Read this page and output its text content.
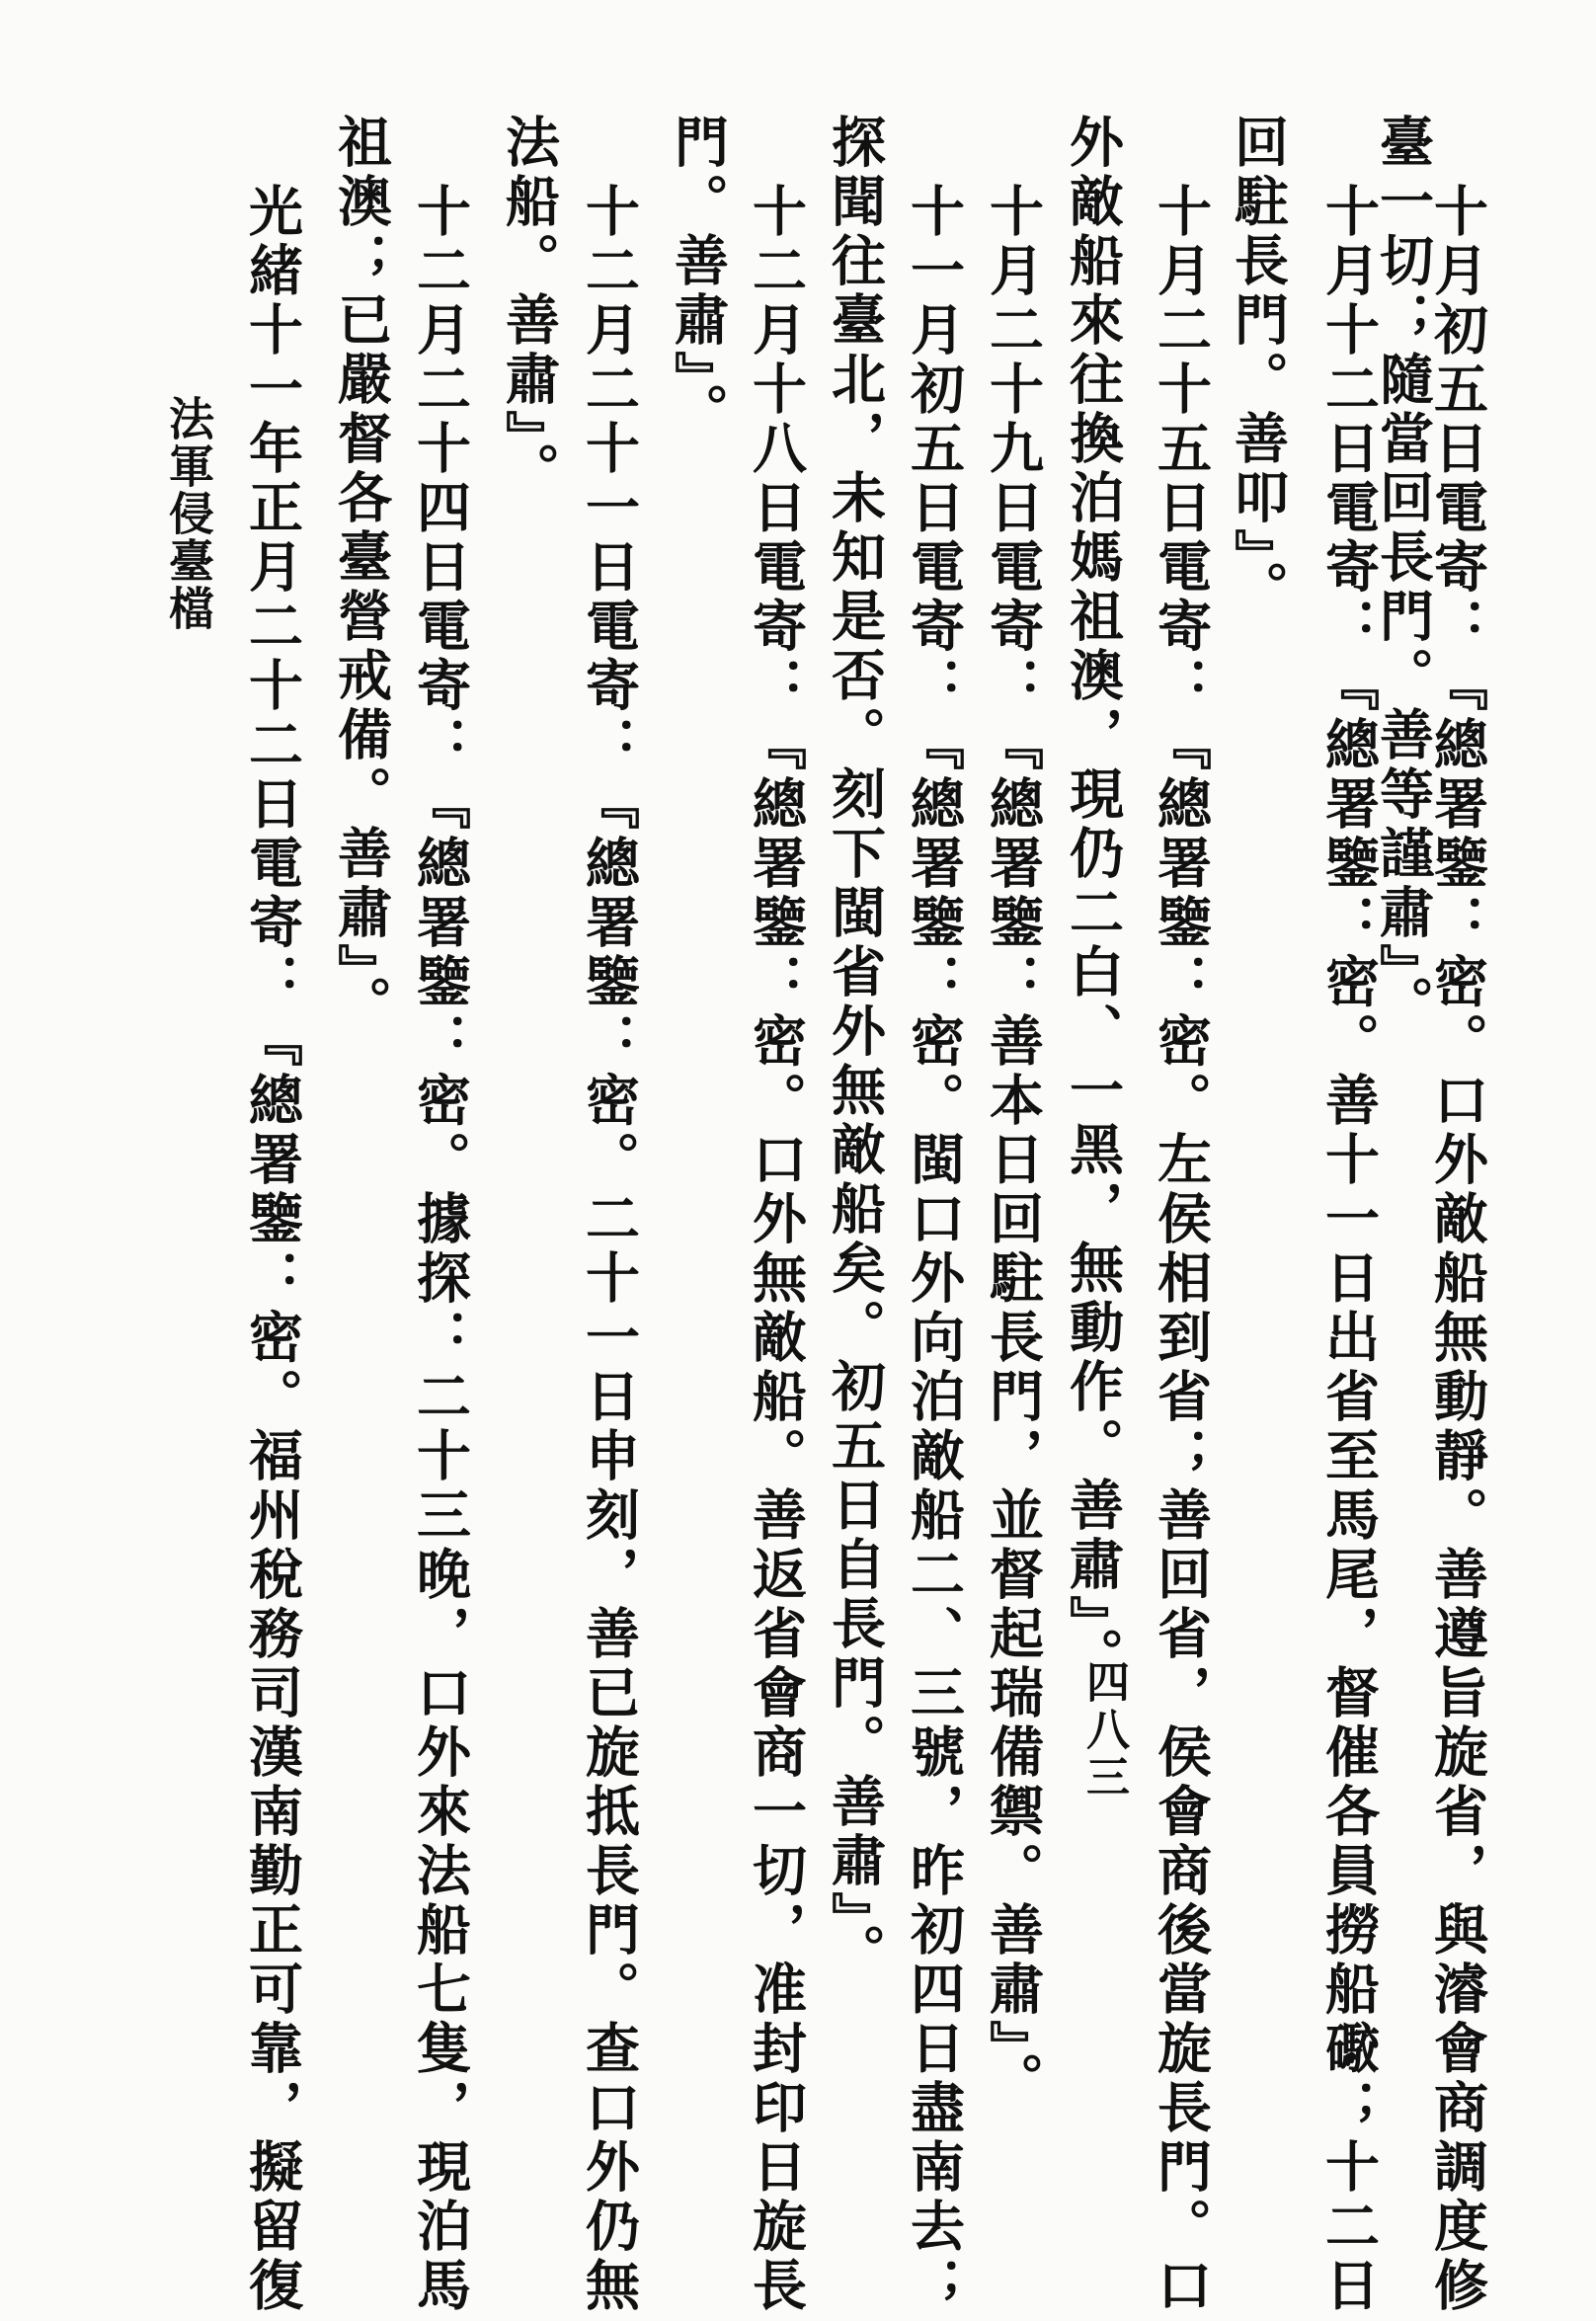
十月初五日電寄：『總署鑒：密。口外敵船無動靜。善遵旨旋省，與濬會商調度修
臺一切；隨當回長門。善等謹肅』。
十月十二日電寄：『總署鑒：密。善十一日出省至馬尾，督催各員撈船礮；十二日
回駐長門。善叩』。
十月二十五日電寄：『總署鑒：密。左侯相到省；善回省，侯會商後當旋長門。口
外敵船來往換泊媽祖澳，現仍二白、一黑，無動作。善肅』。
十月二十九日電寄：『總署鑒：善本日回駐長門，並督起瑞備禦。善肅』。
十一月初五日電寄：『總署鑒：密。閩口外向泊敵船二、三號，昨初四日盡南去；
探聞往臺北，未知是否。刻下閩省外無敵船矣。初五日自長門。善肅』。
十二月十八日電寄：『總署鑒：密。口外無敵船。善返省會商一切，准封印日旋長
門。善肅』。
十二月二十一日電寄：『總署鑒：密。二十一日申刻，善已旋抵長門。查口外仍無
法船。善肅』。
十二月二十四日電寄：『總署鑒：密。據探：二十三晚，口外來法船七隻，現泊馬
祖澳；已嚴督各臺營戒備。善肅』。
光緒十一年正月二十二日電寄：『總署鑒：密。福州稅務司漢南勤正可靠，擬留復	四八三
法軍侵臺檔
